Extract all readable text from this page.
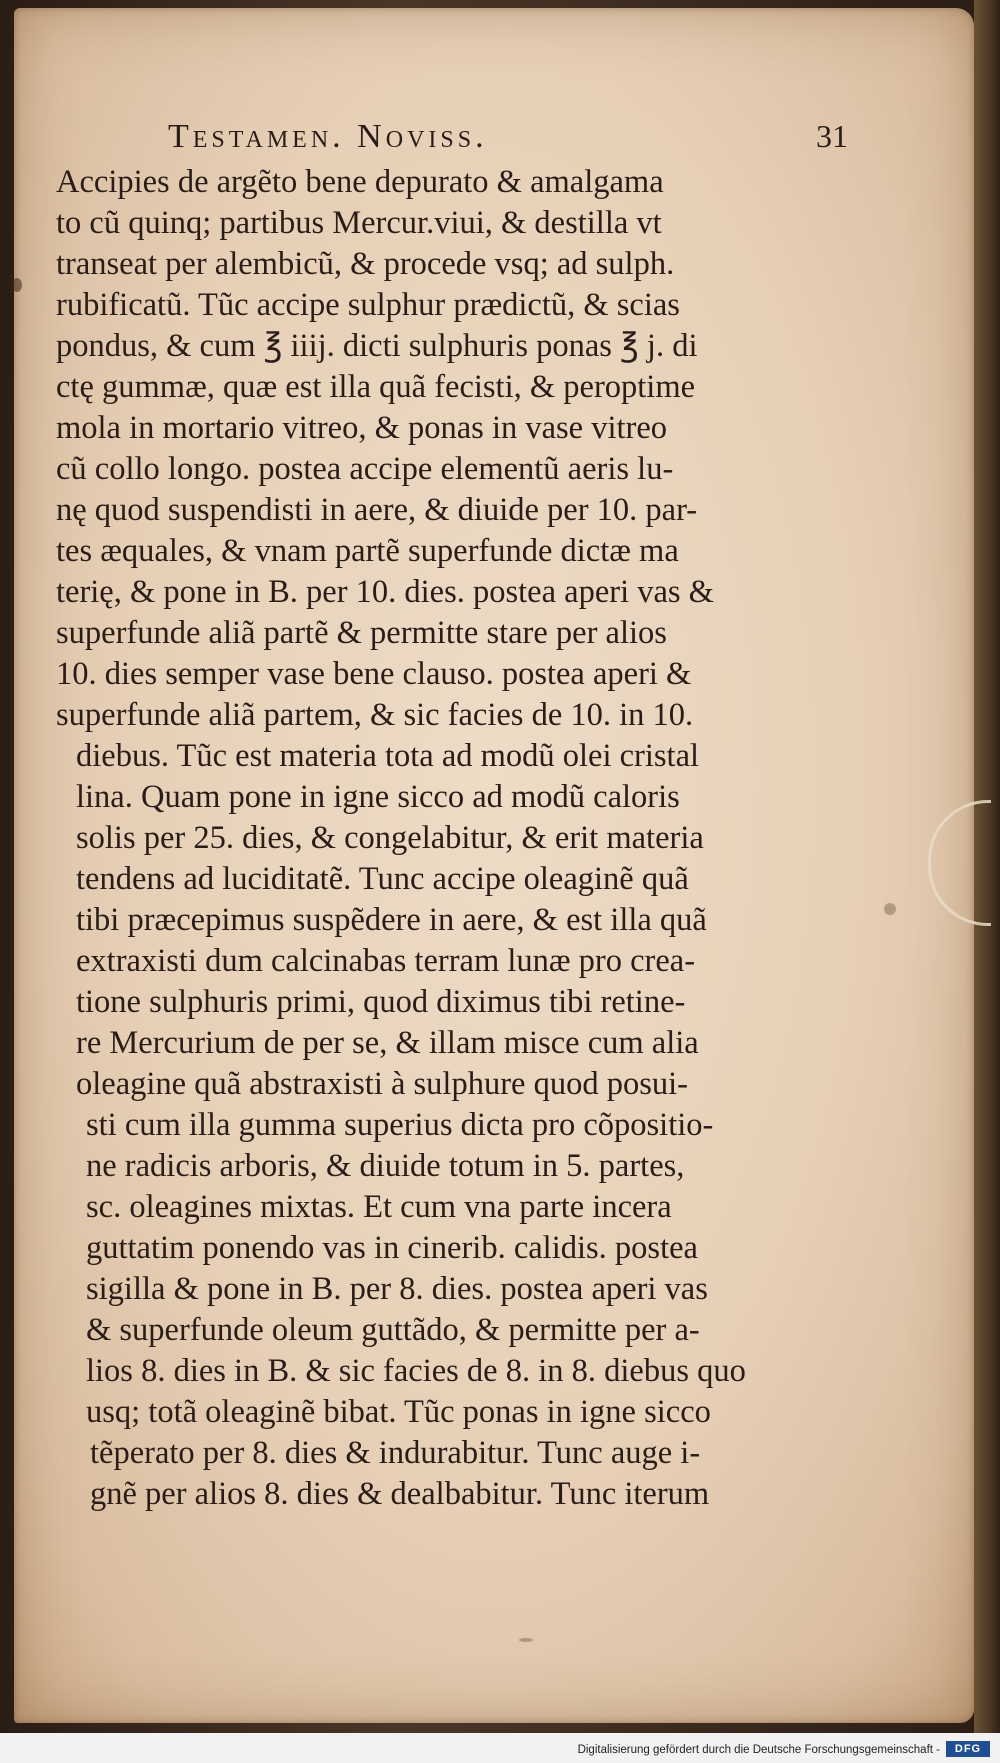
Testamen. Noviss.	31
Accipies de argẽto bene depurato & amalgama
to cũ quinq; partibus Mercur.viui, & destilla vt
transeat per alembicũ, & procede vsq; ad sulph.
rubificatũ. Tũc accipe sulphur prædictũ, & scias
pondus, & cum ℥ iiij. dicti sulphuris ponas ℥ j. di
ctę gummæ, quæ est illa quã fecisti, & peroptime
mola in mortario vitreo, & ponas in vase vitreo
cũ collo longo. postea accipe elementũ aeris lu-
nę quod suspendisti in aere, & diuide per 10. par-
tes æquales, & vnam partẽ superfunde dictæ ma
terię, & pone in B. per 10. dies. postea aperi vas &
superfunde aliã partẽ & permitte stare per alios
10. dies semper vase bene clauso. postea aperi &
superfunde aliã partem, & sic facies de 10. in 10.
diebus. Tũc est materia tota ad modũ olei cristal
lina. Quam pone in igne sicco ad modũ caloris
solis per 25. dies, & congelabitur, & erit materia
tendens ad luciditatẽ. Tunc accipe oleaginẽ quã
tibi præcepimus suspẽdere in aere, & est illa quã
extraxisti dum calcinabas terram lunæ pro crea-
tione sulphuris primi, quod diximus tibi retine-
re Mercurium de per se, & illam misce cum alia
oleagine quã abstraxisti à sulphure quod posui-
sti cum illa gumma superius dicta pro cõpositio-
ne radicis arboris, & diuide totum in 5. partes,
sc. oleagines mixtas. Et cum vna parte incera
guttatim ponendo vas in cinerib. calidis. postea
sigilla & pone in B. per 8. dies. postea aperi vas
& superfunde oleum guttãdo, & permitte per a-
lios 8. dies in B. & sic facies de 8. in 8. diebus quo
usq; totã oleaginẽ bibat. Tũc ponas in igne sicco
tẽperato per 8. dies & indurabitur. Tunc auge i-
gnẽ per alios 8. dies & dealbabitur. Tunc iterum
Digitalisierung gefördert durch die Deutsche Forschungsgemeinschaft -	DFG
